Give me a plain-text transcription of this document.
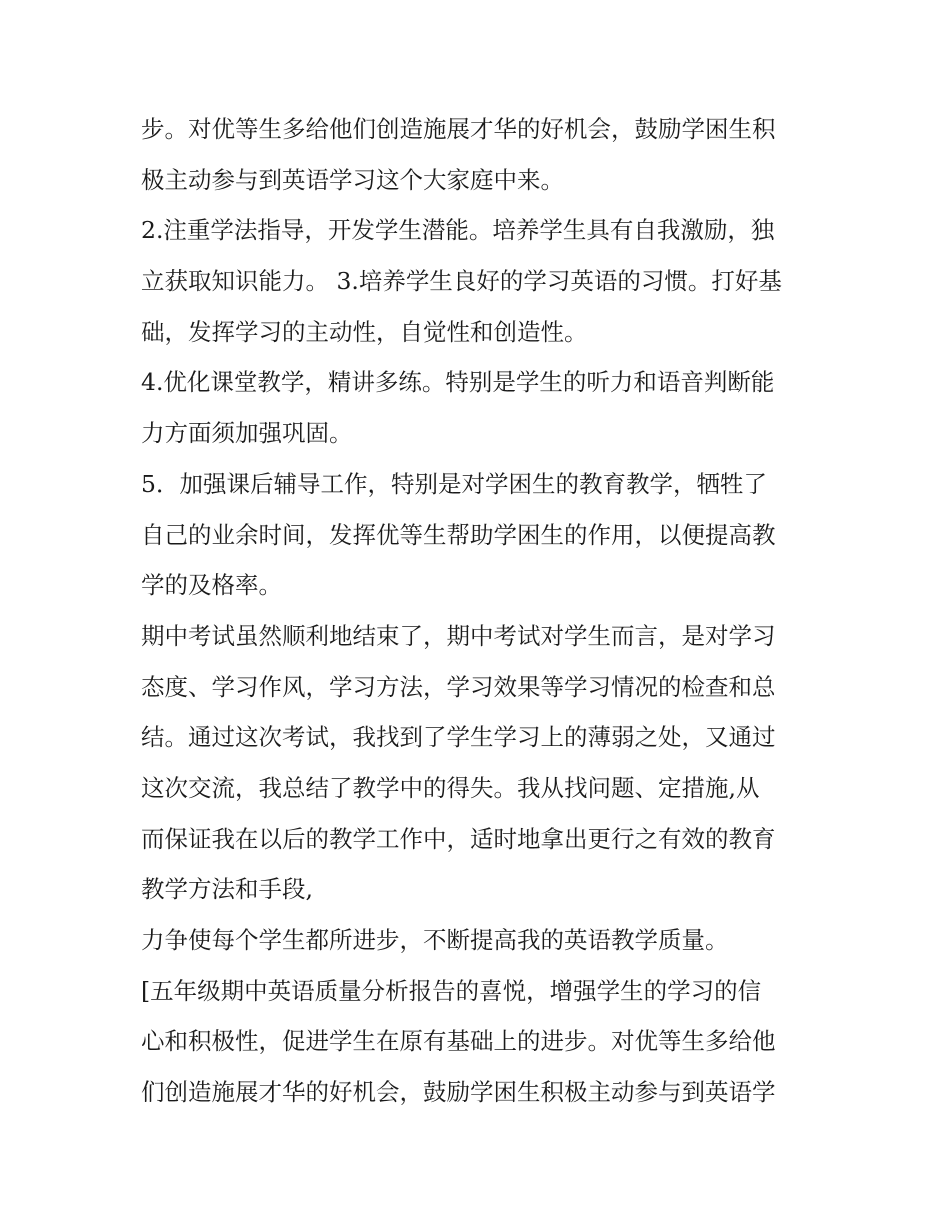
步。对优等生多给他们创造施展才华的好机会，鼓励学困生积
极主动参与到英语学习这个大家庭中来。
2.注重学法指导，开发学生潜能。培养学生具有自我激励，独
立获取知识能力。 3.培养学生良好的学习英语的习惯。打好基
础，发挥学习的主动性，自觉性和创造性。
4.优化课堂教学，精讲多练。特别是学生的听力和语音判断能
力方面须加强巩固。
5．加强课后辅导工作，特别是对学困生的教育教学，牺牲了
自己的业余时间，发挥优等生帮助学困生的作用，以便提高教
学的及格率。
期中考试虽然顺利地结束了，期中考试对学生而言，是对学习
态度、学习作风，学习方法，学习效果等学习情况的检查和总
结。通过这次考试，我找到了学生学习上的薄弱之处，又通过
这次交流，我总结了教学中的得失。我从找问题、定措施,从
而保证我在以后的教学工作中，适时地拿出更行之有效的教育
教学方法和手段,
力争使每个学生都所进步，不断提高我的英语教学质量。
[五年级期中英语质量分析报告的喜悦，增强学生的学习的信
心和积极性，促进学生在原有基础上的进步。对优等生多给他
们创造施展才华的好机会，鼓励学困生积极主动参与到英语学
